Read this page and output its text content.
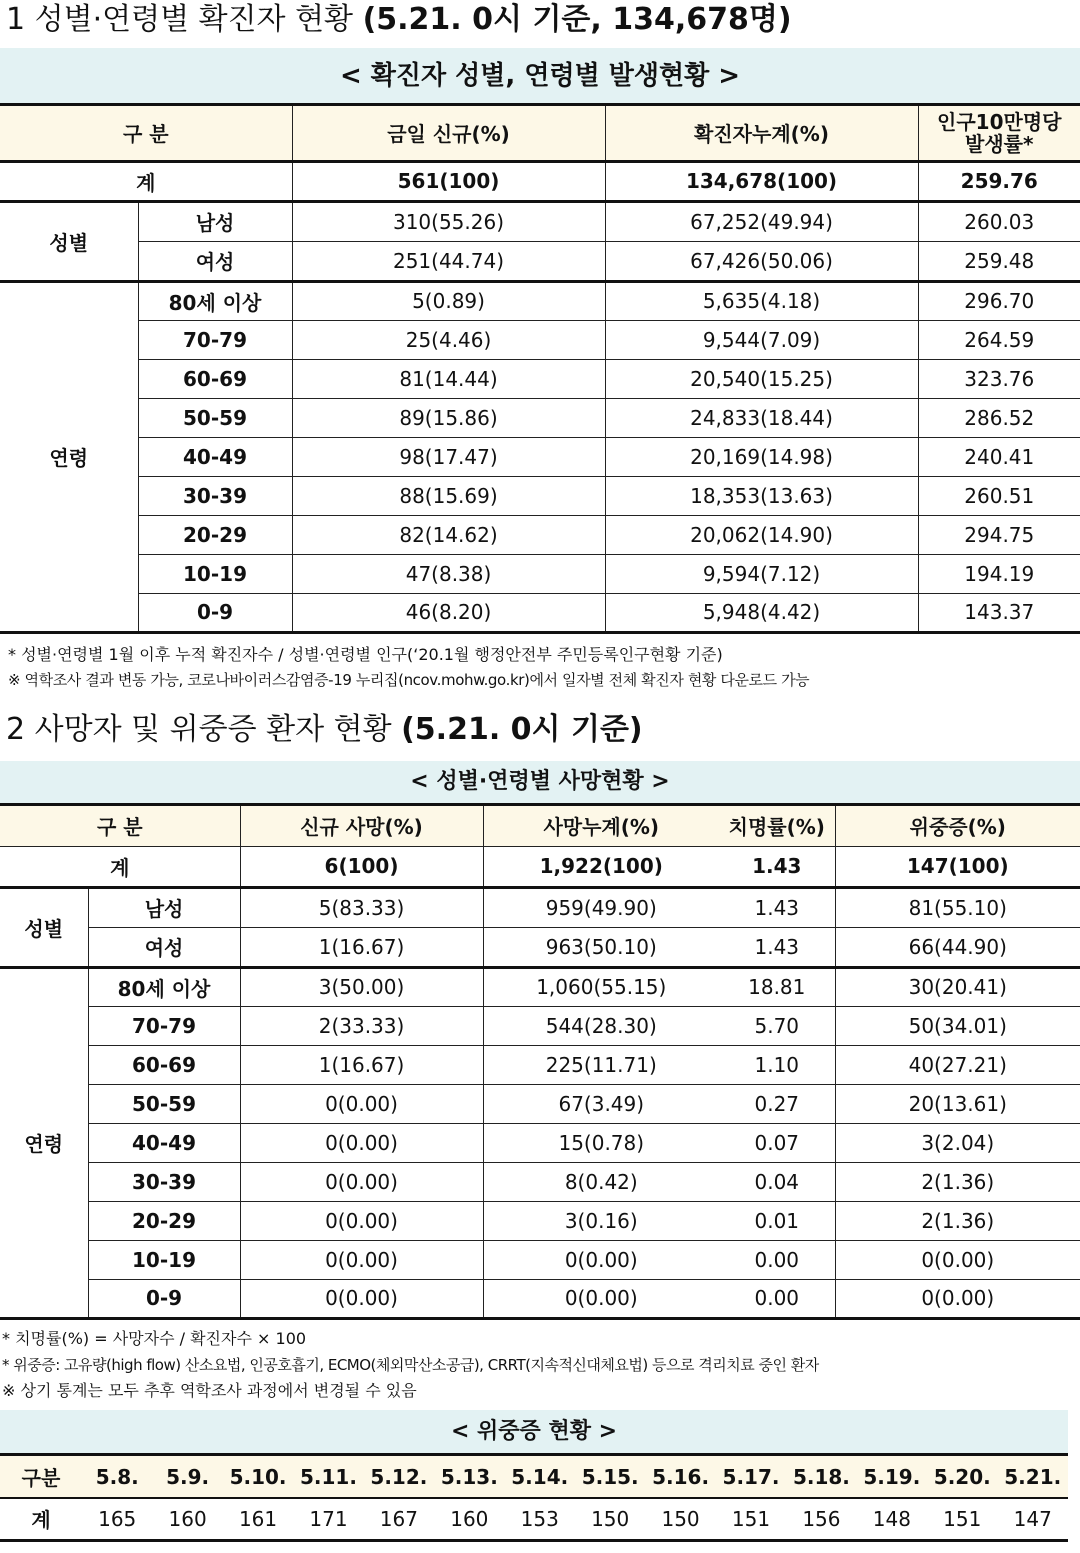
1 성별·연령별 확진자 현황 (5.21. 0시 기준, 134,678명)
< 확진자 성별, 연령별 발생현황 >
구 분		금일 신규(%)	확진자누계(%)	인구10만명당
발생률*
계		561(100)	134,678(100)	259.76
성별	남성	310(55.26)	67,252(49.94)	260.03
	여성	251(44.74)	67,426(50.06)	259.48
연령	80세 이상	5(0.89)	5,635(4.18)	296.70
	70-79	25(4.46)	9,544(7.09)	264.59
	60-69	81(14.44)	20,540(15.25)	323.76
	50-59	89(15.86)	24,833(18.44)	286.52
	40-49	98(17.47)	20,169(14.98)	240.41
	30-39	88(15.69)	18,353(13.63)	260.51
	20-29	82(14.62)	20,062(14.90)	294.75
	10-19	47(8.38)	9,594(7.12)	194.19
	0-9	46(8.20)	5,948(4.42)	143.37
* 성별·연령별 1월 이후 누적 확진자수 / 성별·연령별 인구(‘20.1월 행정안전부 주민등록인구현황 기준)
※ 역학조사 결과 변동 가능, 코로나바이러스감염증-19 누리집(ncov.mohw.go.kr)에서 일자별 전체 확진자 현황 다운로드 가능
2 사망자 및 위중증 환자 현황 (5.21. 0시 기준)
< 성별·연령별 사망현황 >
구 분		신규 사망(%)	사망누계(%)	치명률(%)	위중증(%)
계		6(100)	1,922(100)	1.43	147(100)
성별	남성	5(83.33)	959(49.90)	1.43	81(55.10)
	여성	1(16.67)	963(50.10)	1.43	66(44.90)
연령	80세 이상	3(50.00)	1,060(55.15)	18.81	30(20.41)
	70-79	2(33.33)	544(28.30)	5.70	50(34.01)
	60-69	1(16.67)	225(11.71)	1.10	40(27.21)
	50-59	0(0.00)	67(3.49)	0.27	20(13.61)
	40-49	0(0.00)	15(0.78)	0.07	3(2.04)
	30-39	0(0.00)	8(0.42)	0.04	2(1.36)
	20-29	0(0.00)	3(0.16)	0.01	2(1.36)
	10-19	0(0.00)	0(0.00)	0.00	0(0.00)
	0-9	0(0.00)	0(0.00)	0.00	0(0.00)
* 치명률(%) = 사망자수 / 확진자수 × 100
* 위중증: 고유량(high flow) 산소요법, 인공호흡기, ECMO(체외막산소공급), CRRT(지속적신대체요법) 등으로 격리치료 중인 환자
※ 상기 통계는 모두 추후 역학조사 과정에서 변경될 수 있음
< 위중증 현황 >
구분	5.8.	5.9.	5.10.	5.11.	5.12.	5.13.	5.14.	5.15.	5.16.	5.17.	5.18.	5.19.	5.20.	5.21.
계	165	160	161	171	167	160	153	150	150	151	156	148	151	147
